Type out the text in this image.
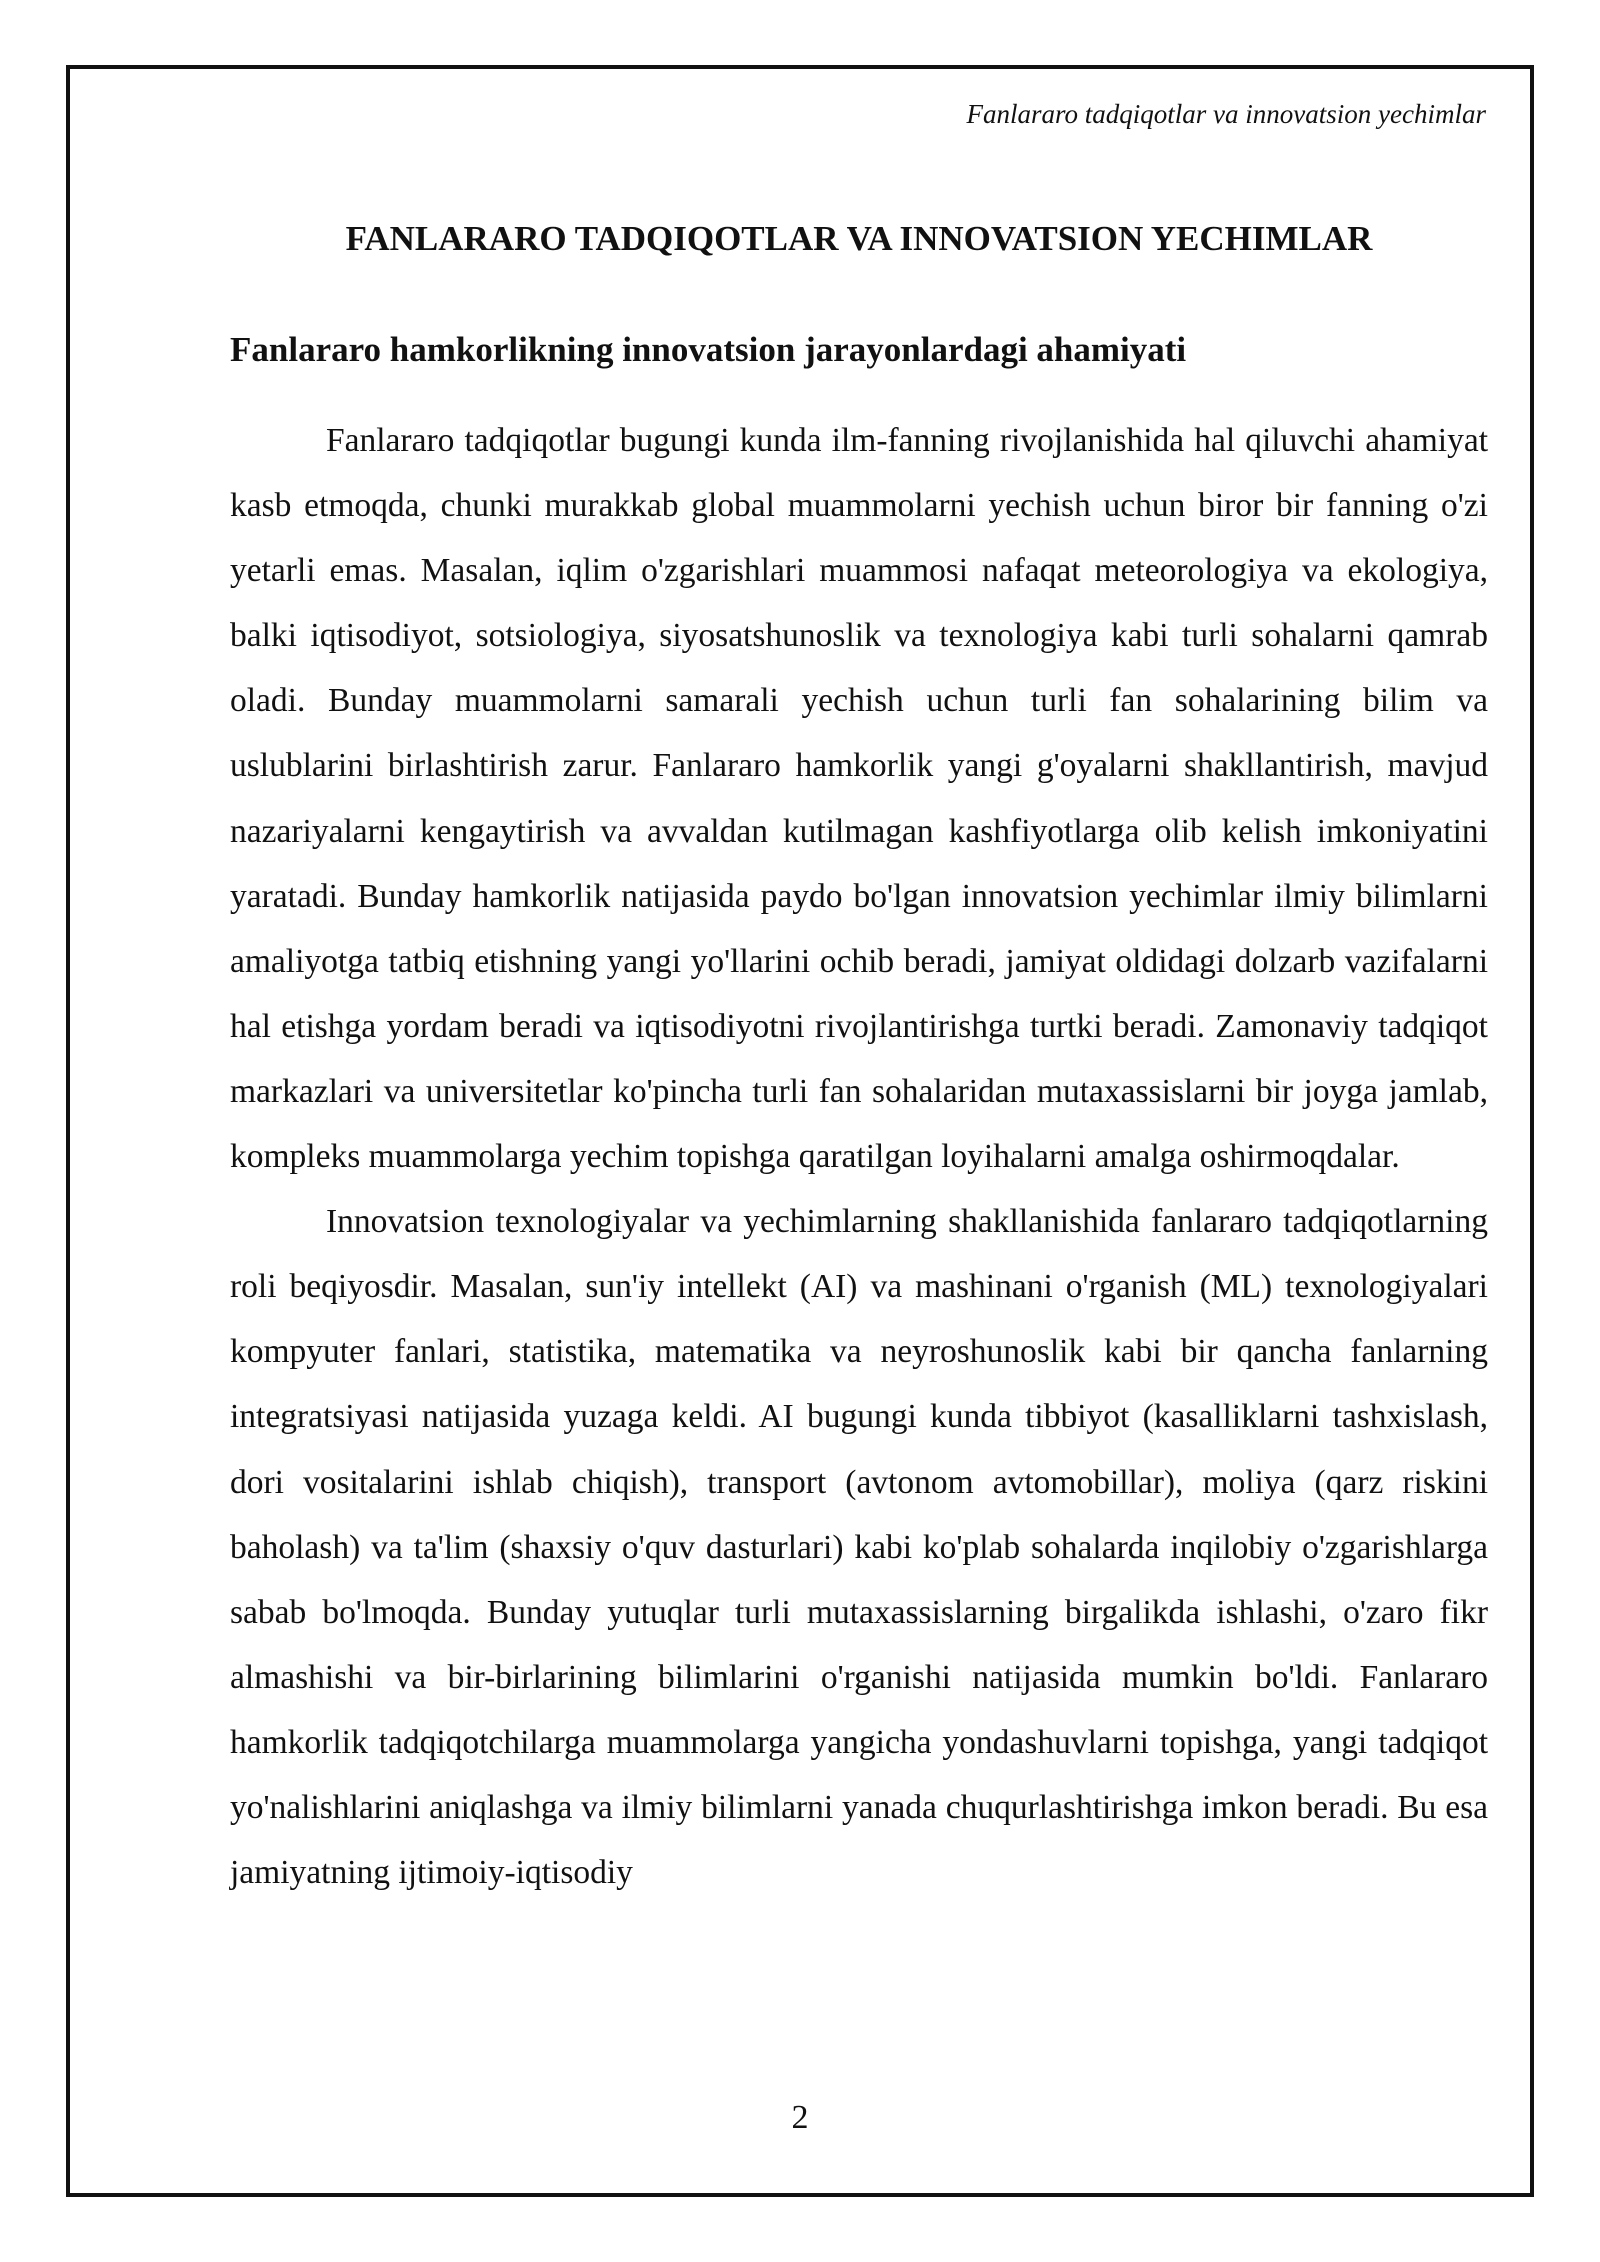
Fanlararo tadqiqotlar va innovatsion yechimlar
FANLARARO TADQIQOTLAR VA INNOVATSION YECHIMLAR
Fanlararo hamkorlikning innovatsion jarayonlardagi ahamiyati

Fanlararo tadqiqotlar bugungi kunda ilm-fanning rivojlanishida hal qiluvchi ahamiyat kasb etmoqda, chunki murakkab global muammolarni yechish uchun biror bir fanning o'zi yetarli emas. Masalan, iqlim o'zgarishlari muammosi nafaqat meteorologiya va ekologiya, balki iqtisodiyot, sotsiologiya, siyosatshunoslik va texnologiya kabi turli sohalarni qamrab oladi. Bunday muammolarni samarali yechish uchun turli fan sohalarining bilim va uslublarini birlashtirish zarur. Fanlararo hamkorlik yangi g'oyalarni shakllantirish, mavjud nazariyalarni kengaytirish va avvaldan kutilmagan kashfiyotlarga olib kelish imkoniyatini yaratadi. Bunday hamkorlik natijasida paydo bo'lgan innovatsion yechimlar ilmiy bilimlarni amaliyotga tatbiq etishning yangi yo'llarini ochib beradi, jamiyat oldidagi dolzarb vazifalarni hal etishga yordam beradi va iqtisodiyotni rivojlantirishga turtki beradi. Zamonaviy tadqiqot markazlari va universitetlar ko'pincha turli fan sohalaridan mutaxassislarni bir joyga jamlab, kompleks muammolarga yechim topishga qaratilgan loyihalarni amalga oshirmoqdalar.

Innovatsion texnologiyalar va yechimlarning shakllanishida fanlararo tadqiqotlarning roli beqiyosdir. Masalan, sun'iy intellekt (AI) va mashinani o'rganish (ML) texnologiyalari kompyuter fanlari, statistika, matematika va neyroshunoslik kabi bir qancha fanlarning integratsiyasi natijasida yuzaga keldi. AI bugungi kunda tibbiyot (kasalliklarni tashxislash, dori vositalarini ishlab chiqish), transport (avtonom avtomobillar), moliya (qarz riskini baholash) va ta'lim (shaxsiy o'quv dasturlari) kabi ko'plab sohalarda inqilobiy o'zgarishlarga sabab bo'lmoqda. Bunday yutuqlar turli mutaxassislarning birgalikda ishlashi, o'zaro fikr almashishi va bir-birlarining bilimlarini o'rganishi natijasida mumkin bo'ldi. Fanlararo hamkorlik tadqiqotchilarga muammolarga yangicha yondashuvlarni topishga, yangi tadqiqot yo'nalishlarini aniqlashga va ilmiy bilimlarni yanada chuqurlashtirishga imkon beradi. Bu esa jamiyatning ijtimoiy-iqtisodiy

2
